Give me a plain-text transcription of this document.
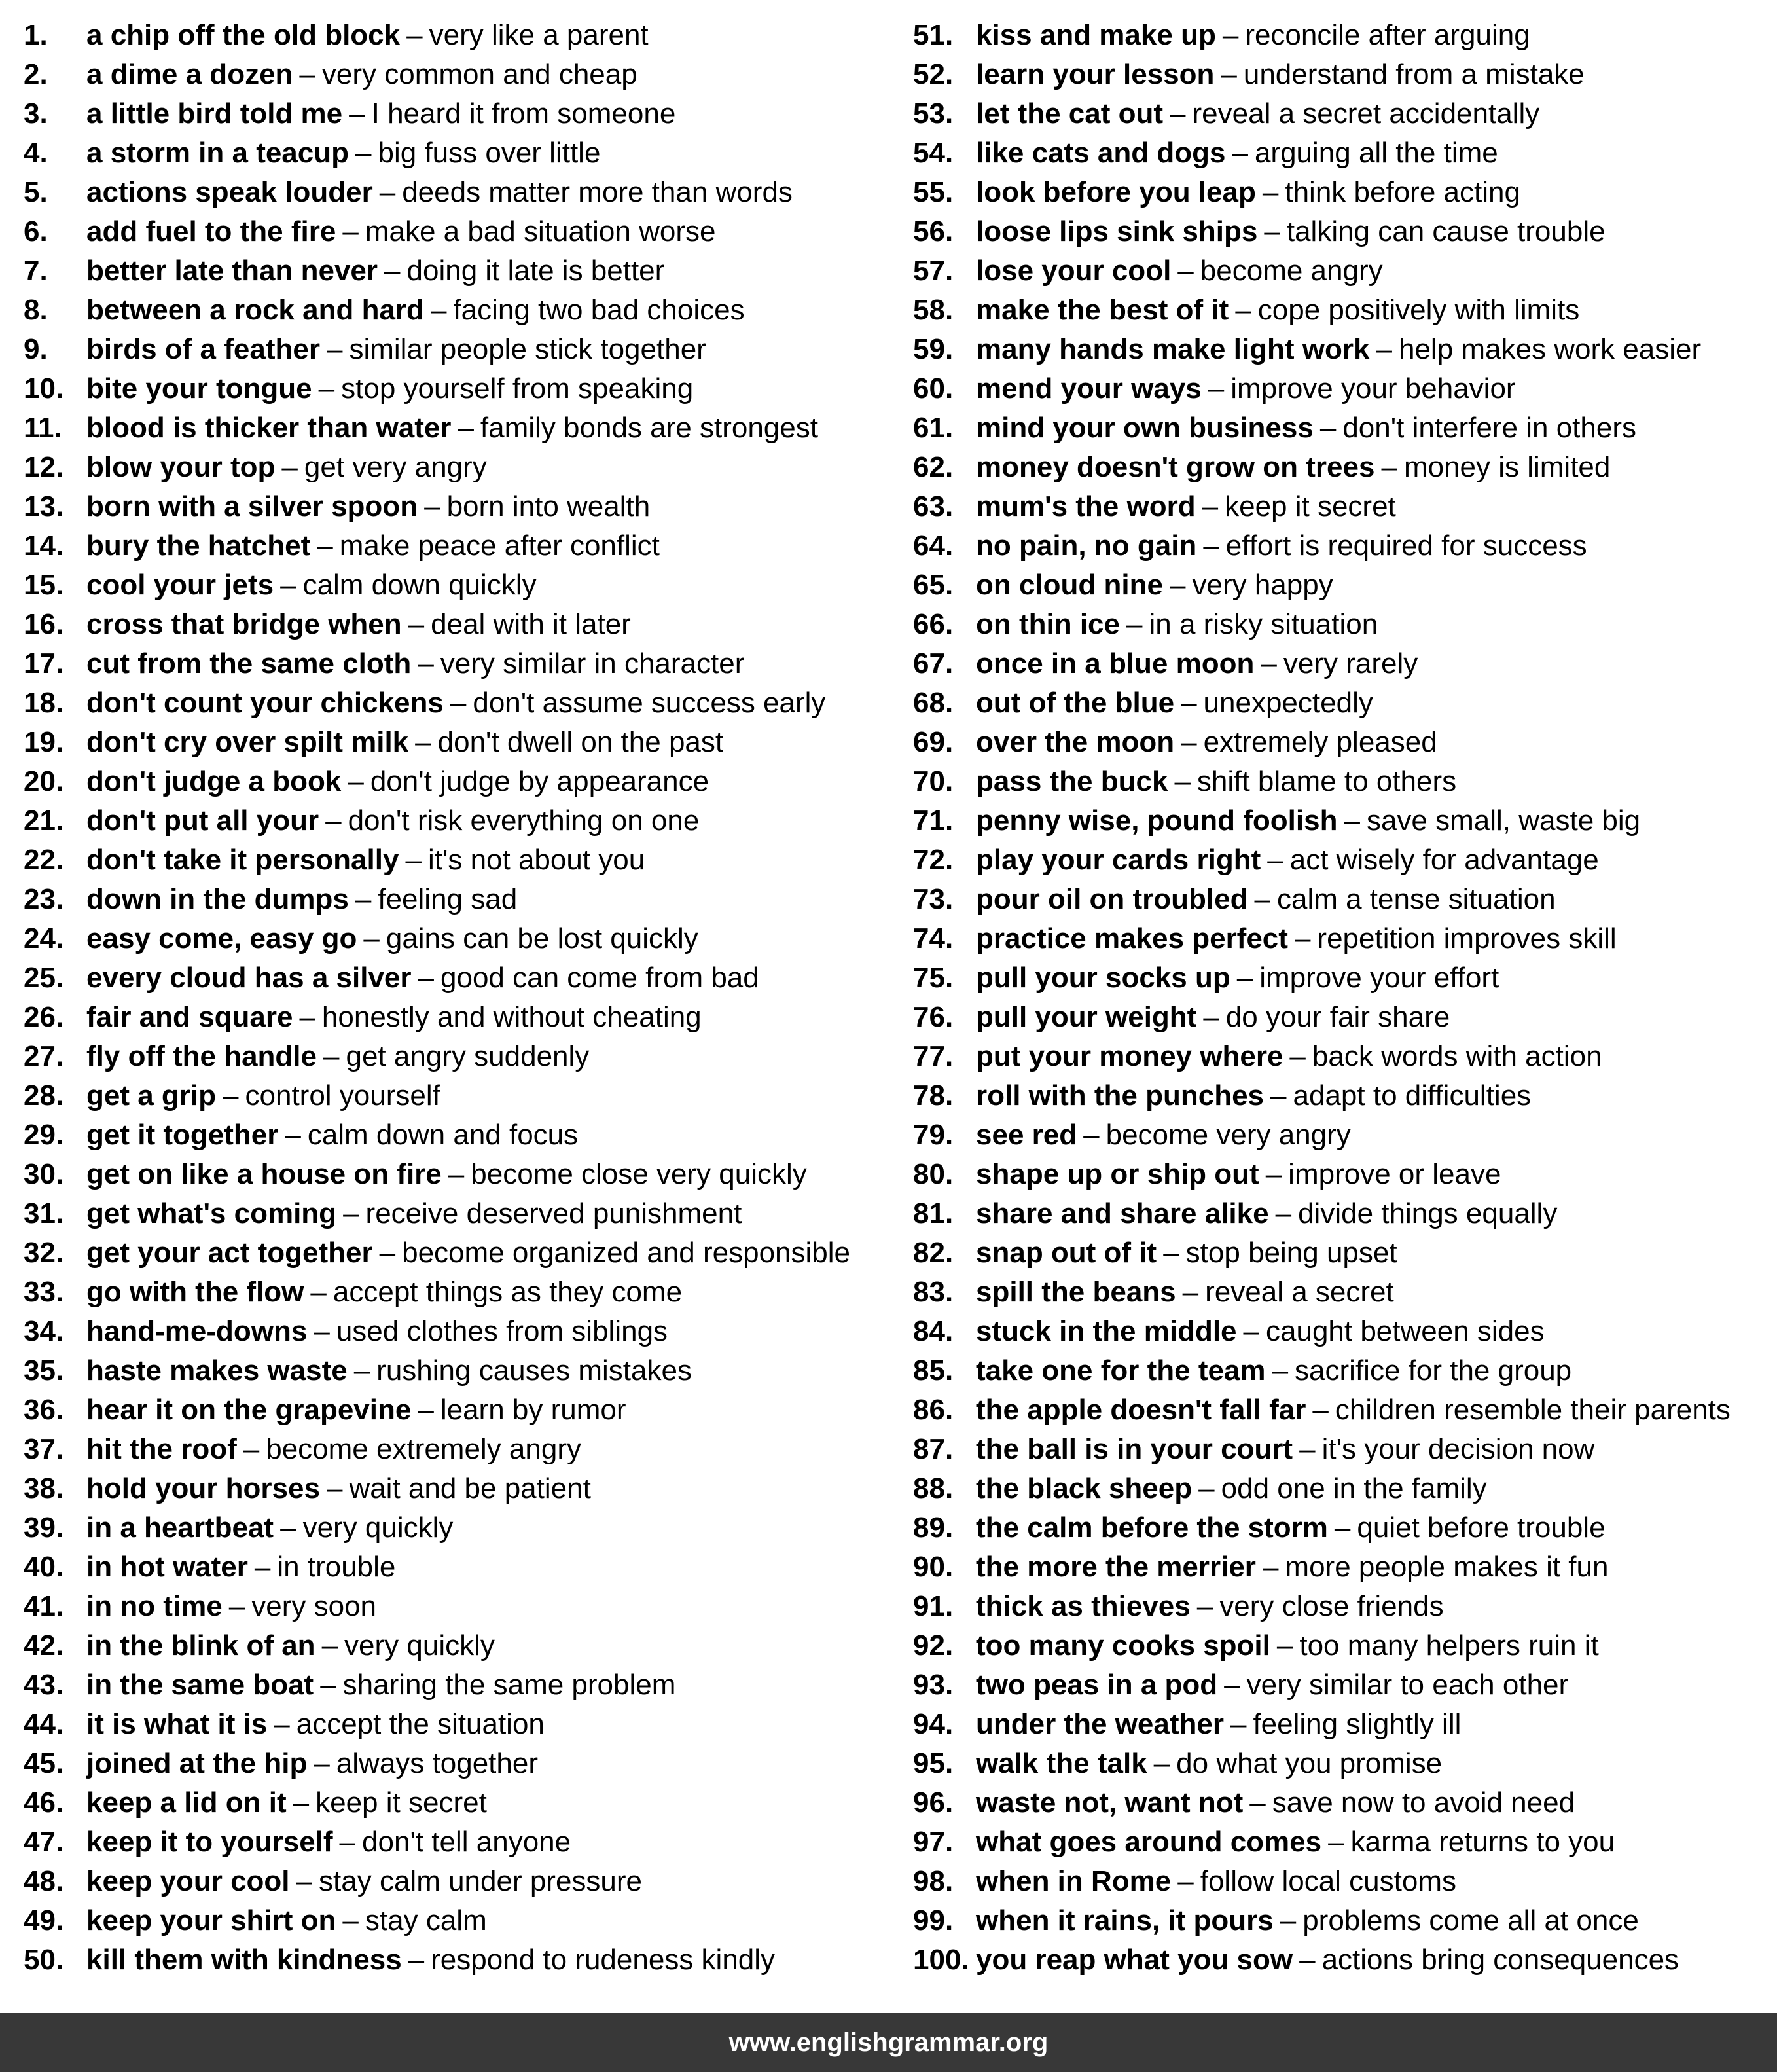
1.	a chip off the old block – very like a parent
2.	a dime a dozen – very common and cheap
3.	a little bird told me – I heard it from someone
4.	a storm in a teacup – big fuss over little
5.	actions speak louder – deeds matter more than words
6.	add fuel to the fire – make a bad situation worse
7.	better late than never – doing it late is better
8.	between a rock and hard – facing two bad choices
9.	birds of a feather – similar people stick together
10. bite your tongue – stop yourself from speaking
11. blood is thicker than water – family bonds are strongest
12. blow your top – get very angry
13. born with a silver spoon – born into wealth
14. bury the hatchet – make peace after conflict
15. cool your jets – calm down quickly
16. cross that bridge when – deal with it later
17. cut from the same cloth – very similar in character
18. don't count your chickens – don't assume success early
19. don't cry over spilt milk – don't dwell on the past
20. don't judge a book – don't judge by appearance
21. don't put all your – don't risk everything on one
22. don't take it personally – it's not about you
23. down in the dumps – feeling sad
24. easy come, easy go – gains can be lost quickly
25. every cloud has a silver – good can come from bad
26. fair and square – honestly and without cheating
27. fly off the handle – get angry suddenly
28. get a grip – control yourself
29. get it together – calm down and focus
30. get on like a house on fire – become close very quickly
31. get what's coming – receive deserved punishment
32. get your act together – become organized and responsible
33. go with the flow – accept things as they come
34. hand-me-downs – used clothes from siblings
35. haste makes waste – rushing causes mistakes
36. hear it on the grapevine – learn by rumor
37. hit the roof – become extremely angry
38. hold your horses – wait and be patient
39. in a heartbeat – very quickly
40. in hot water – in trouble
41. in no time – very soon
42. in the blink of an – very quickly
43. in the same boat – sharing the same problem
44. it is what it is – accept the situation
45. joined at the hip – always together
46. keep a lid on it – keep it secret
47. keep it to yourself – don't tell anyone
48. keep your cool – stay calm under pressure
49. keep your shirt on – stay calm
50. kill them with kindness – respond to rudeness kindly
51. kiss and make up – reconcile after arguing
52. learn your lesson – understand from a mistake
53. let the cat out – reveal a secret accidentally
54. like cats and dogs – arguing all the time
55. look before you leap – think before acting
56. loose lips sink ships – talking can cause trouble
57. lose your cool – become angry
58. make the best of it – cope positively with limits
59. many hands make light work – help makes work easier
60. mend your ways – improve your behavior
61. mind your own business – don't interfere in others
62. money doesn't grow on trees – money is limited
63. mum's the word – keep it secret
64. no pain, no gain – effort is required for success
65. on cloud nine – very happy
66. on thin ice – in a risky situation
67. once in a blue moon – very rarely
68. out of the blue – unexpectedly
69. over the moon – extremely pleased
70. pass the buck – shift blame to others
71. penny wise, pound foolish – save small, waste big
72. play your cards right – act wisely for advantage
73. pour oil on troubled – calm a tense situation
74. practice makes perfect – repetition improves skill
75. pull your socks up – improve your effort
76. pull your weight – do your fair share
77. put your money where – back words with action
78. roll with the punches – adapt to difficulties
79. see red – become very angry
80. shape up or ship out – improve or leave
81. share and share alike – divide things equally
82. snap out of it – stop being upset
83. spill the beans – reveal a secret
84. stuck in the middle – caught between sides
85. take one for the team – sacrifice for the group
86. the apple doesn't fall far – children resemble their parents
87. the ball is in your court – it's your decision now
88. the black sheep – odd one in the family
89. the calm before the storm – quiet before trouble
90. the more the merrier – more people makes it fun
91. thick as thieves – very close friends
92. too many cooks spoil – too many helpers ruin it
93. two peas in a pod – very similar to each other
94. under the weather – feeling slightly ill
95. walk the talk – do what you promise
96. waste not, want not – save now to avoid need
97. what goes around comes – karma returns to you
98. when in Rome – follow local customs
99. when it rains, it pours – problems come all at once
100. you reap what you sow – actions bring consequences
www.englishgrammar.org
